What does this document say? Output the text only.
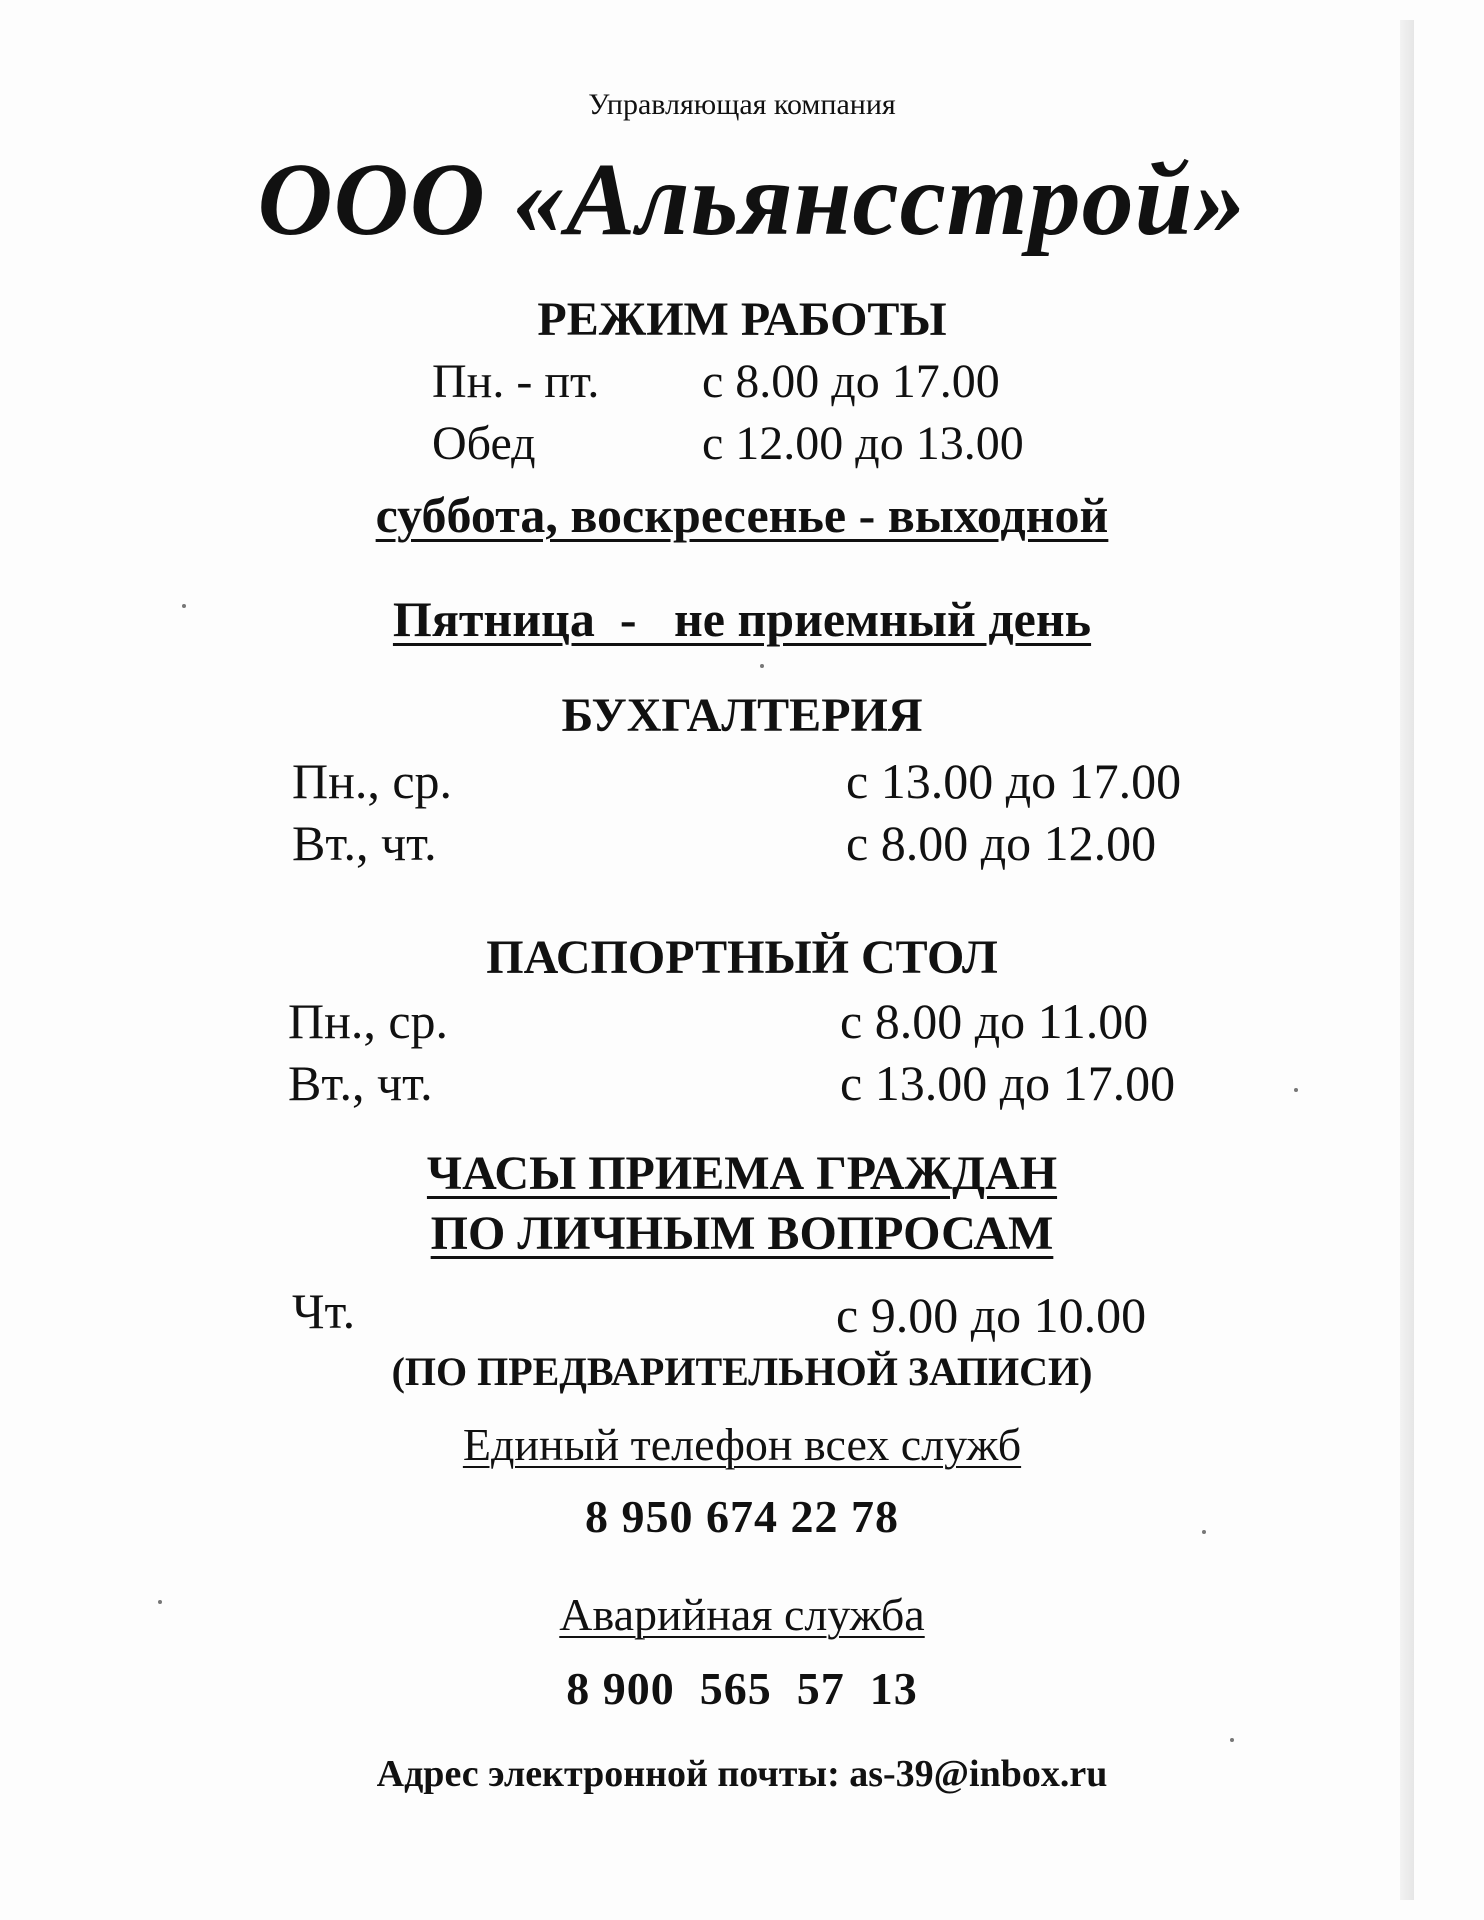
Управляющая компания
ООО «Альянсстрой»
РЕЖИМ РАБОТЫ
Пн. - пт. с 8.00 до 17.00
Обед	с 12.00 до 13.00
суббота, воскресенье - выходной
Пятница  -   не приемный день
БУХГАЛТЕРИЯ
Пн., ср.	с 13.00 до 17.00
Вт., чт.	с 8.00 до 12.00
ПАСПОРТНЫЙ СТОЛ
Пн., ср.	с 8.00 до 11.00
Вт., чт.	с 13.00 до 17.00
ЧАСЫ ПРИЕМА ГРАЖДАН
ПО ЛИЧНЫМ ВОПРОСАМ
Чт.	с 9.00 до 10.00
(ПО ПРЕДВАРИТЕЛЬНОЙ ЗАПИСИ)
Единый телефон всех служб
8 950 674 22 78
Аварийная служба
8 900  565  57  13
Адрес электронной почты: as-39@inbox.ru
